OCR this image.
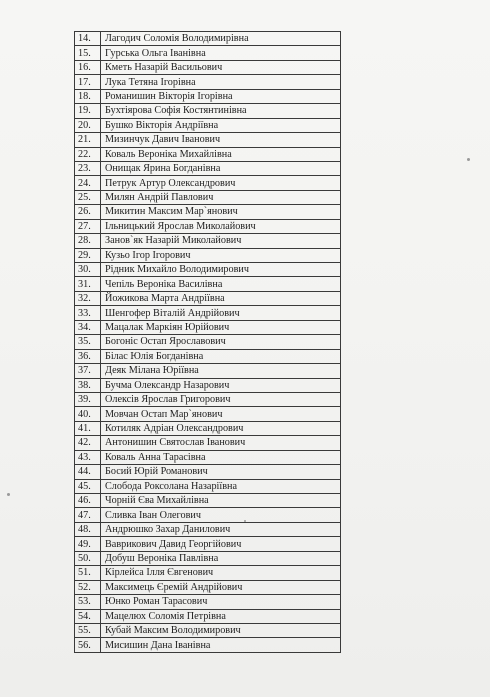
14.	Лагодич Соломія Володимирівна
15.	Гурська Ольга Іванівна
16.	Кметь Назарій Васильович
17.	Лука Тетяна Ігорівна
18.	Романишин Вікторія Ігорівна
19.	Бухтіярова Софія Костянтинівна
20.	Бушко Вікторія Андріївна
21.	Мизинчук Давич Іванович
22.	Коваль Вероніка Михайлівна
23.	Онищак Ярина Богданівна
24.	Петрук Артур Олександрович
25.	Милян Андрій Павлович
26.	Микитин Максим Мар`янович
27.	Ільницький Ярослав Миколайович
28.	Занов`як Назарій Миколайович
29.	Кузьо Ігор Ігорович
30.	Рідник Михайло Володимирович
31.	Чепіль Вероніка Василівна
32.	Йожикова Марта Андріївна
33.	Шенгофер Віталій Андрійович
34.	Мацалак Маркіян Юрійович
35.	Богоніс Остап Ярославович
36.	Білас Юлія Богданівна
37.	Деяк Мілана Юріївна
38.	Бучма Олександр Назарович
39.	Олексів Ярослав Григорович
40.	Мовчан Остап Мар`янович
41.	Котиляк Адріан Олександрович
42.	Антонишин Святослав Іванович
43.	Коваль Анна Тарасівна
44.	Босий Юрій Романович
45.	Слобода Роксолана Назаріївна
46.	Чорній Єва Михайлівна
47.	Сливка Іван Олегович
48.	Андрюшко Захар Данилович
49.	Ваврикович Давид Георгійович
50.	Добуш Вероніка Павлівна
51.	Кірлейса Ілля Євгенович
52.	Максимець Єремій Андрійович
53.	Юнко Роман Тарасович
54.	Мацелюх Соломія Петрівна
55.	Кубай Максим Володимирович
56.	Мисишин Дана Іванівна
